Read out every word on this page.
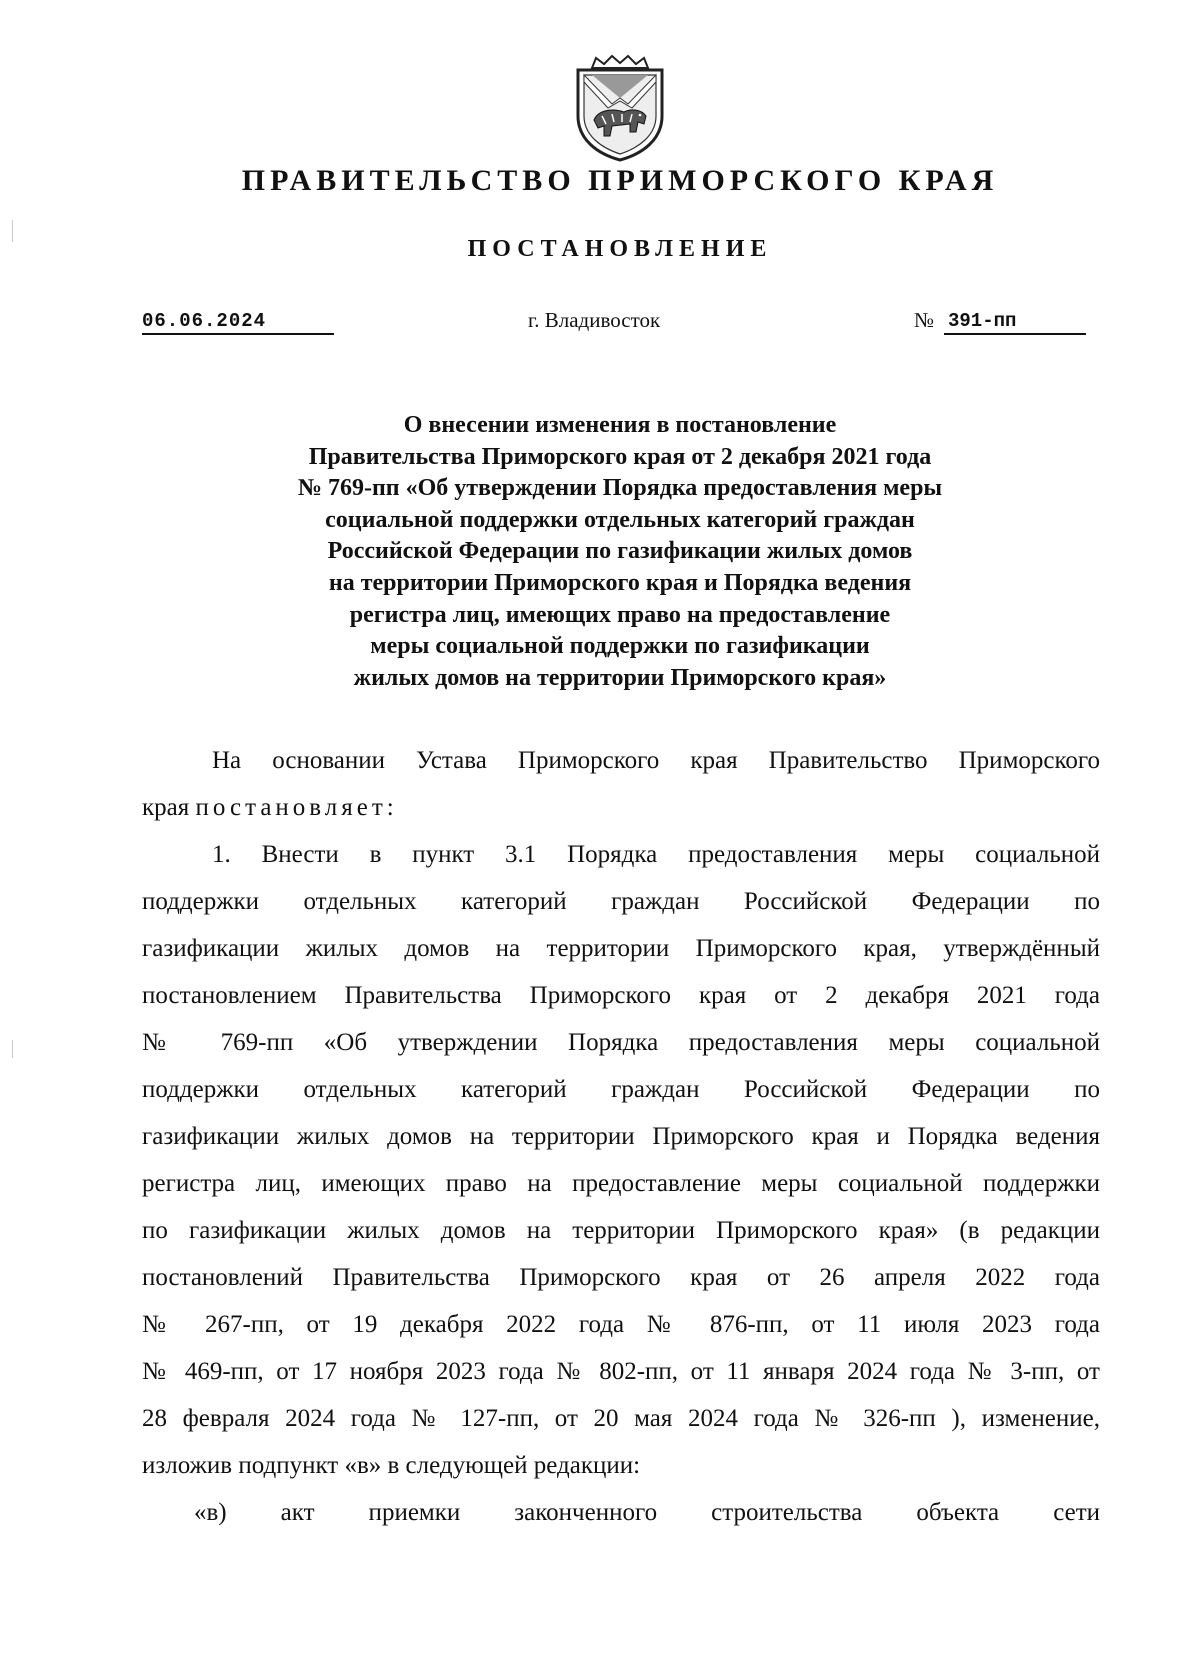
ПРАВИТЕЛЬСТВО ПРИМОРСКОГО КРАЯ
ПОСТАНОВЛЕНИЕ
06.06.2024	г. Владивосток	№ 391-пп
О внесении изменения в постановление
Правительства Приморского края от 2 декабря 2021 года
№ 769-пп «Об утверждении Порядка предоставления меры
социальной поддержки отдельных категорий граждан
Российской Федерации по газификации жилых домов
на территории Приморского края и Порядка ведения
регистра лиц, имеющих право на предоставление
меры социальной поддержки по газификации
жилых домов на территории Приморского края»
На основании Устава Приморского края Правительство Приморского
края постановляет:
1. Внести в пункт 3.1 Порядка предоставления меры социальной
поддержки отдельных категорий граждан Российской Федерации по
газификации жилых домов на территории Приморского края, утверждённый
постановлением Правительства Приморского края от 2 декабря 2021 года
№ 769-пп «Об утверждении Порядка предоставления меры социальной
поддержки отдельных категорий граждан Российской Федерации по
газификации жилых домов на территории Приморского края и Порядка ведения
регистра лиц, имеющих право на предоставление меры социальной поддержки
по газификации жилых домов на территории Приморского края» (в редакции
постановлений Правительства Приморского края от 26 апреля 2022 года
№ 267-пп, от 19 декабря 2022 года № 876-пп, от 11 июля 2023 года
№ 469-пп, от 17 ноября 2023 года № 802-пп, от 11 января 2024 года № 3-пп, от
28 февраля 2024 года № 127-пп, от 20 мая 2024 года № 326-пп ), изменение,
изложив подпункт «в» в следующей редакции:
«в) акт приемки законченного строительства объекта сети
